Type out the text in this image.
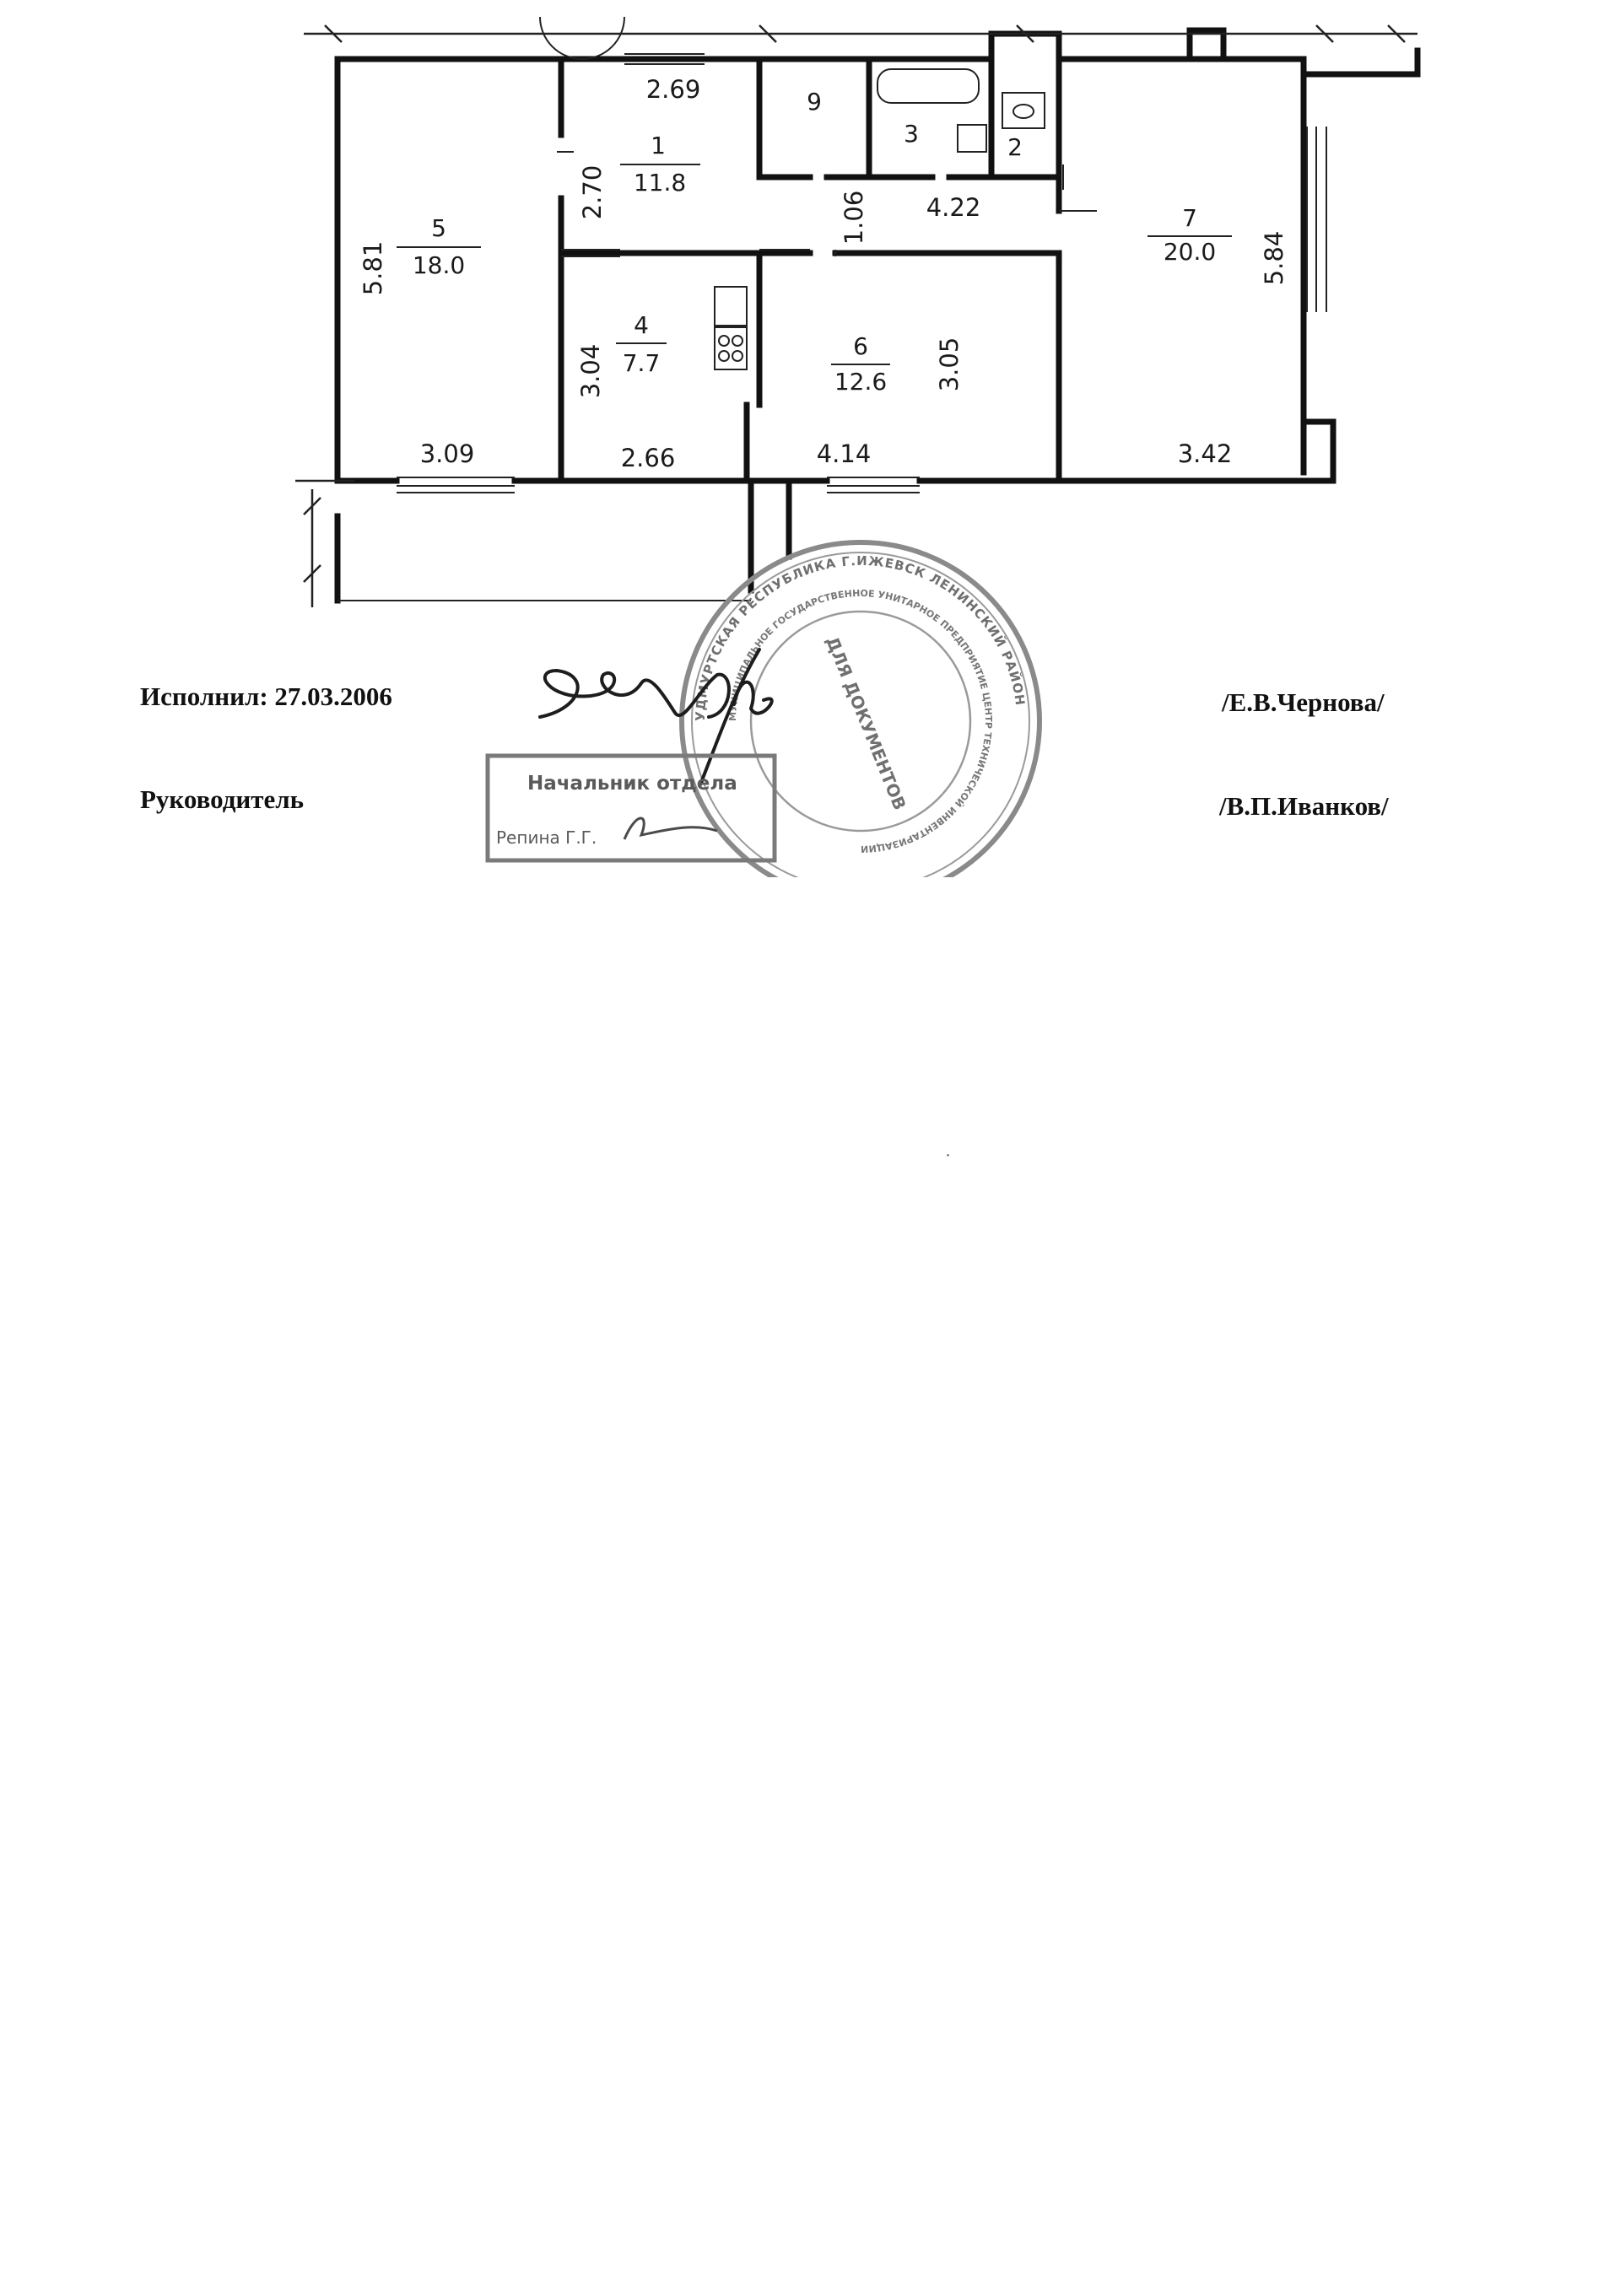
5
18.0
1
11.8
9
3	2
7
20.0
4
7.7
6
12.6
2.69
4.22
3.09	2.66	4.14	3.42
5.81
2.70	1.06
5.84
3.04	3.05
УДМУРТСКАЯ РЕСПУБЛИКА Г.ИЖЕВСК ЛЕНИНСКИЙ РАЙОН
МУНИЦИПАЛЬНОЕ ГОСУДАРСТВЕННОЕ УНИТАРНОЕ ПРЕДПРИЯТИЕ ЦЕНТР ТЕХНИЧЕСКОЙ ИНВЕНТАРИЗАЦИИ
ДЛЯ ДОКУМЕНТОВ
Начальник отдела
Репина Г.Г.
Исполнил: 27.03.2006	/Е.В.Чернова/
Руководитель	/В.П.Иванков/
